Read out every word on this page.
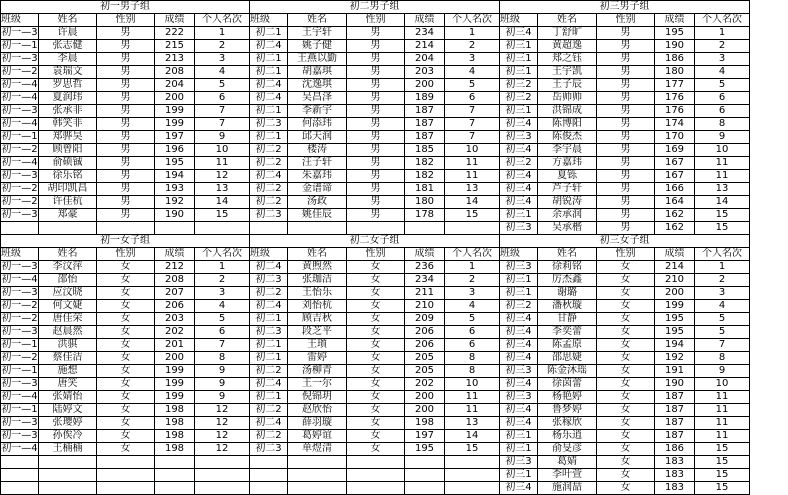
初一男子组					初二男子组					初三男子组				
班级	姓名	性别	成绩	个人名次	班级	姓名	性别	成绩	个人名次	班级	姓名	性别	成绩	个人名次
初一—3	许晨	男	222	1	初二1	王宇轩	男	234	1	初三4	丁舒旷	男	195	1
初一—1	张志健	男	215	2	初二4	姚子健	男	214	2	初三1	黄超逸	男	190	2
初一—3	李晨	男	213	3	初二1	王燕以勤	男	204	3	初三1	郑之钰	男	186	3
初一—2	袁瑞文	男	208	4	初二1	胡嘉琪	男	203	4	初三1	王宇凯	男	180	4
初一—4	罗思哲	男	204	5	初二4	沈逸琪	男	200	5	初三2	王子辰	男	177	5
初一—4	夏润玮	男	200	6	初二4	吴昌泽	男	189	6	初三2	岳帅帅	男	176	6
初一—3	张承非	男	199	7	初二1	李新宇	男	187	7	初三1	洪锦成	男	176	6
初一—4	韩笑非	男	199	7	初二3	何添玮	男	187	7	初三4	陈博阳	男	174	8
初一—1	郑骅昊	男	197	9	初二1	邱天润	男	187	7	初三3	陈俊杰	男	170	9
初一—2	顾曾阳	男	196	10	初二2	楼涛	男	185	10	初三4	李宇晨	男	169	10
初一—4	俞硕铖	男	195	11	初二2	汪子轩	男	182	11	初三2	方嘉玮	男	167	11
初一—3	徐乐铭	男	194	12	初二4	朱嘉玮	男	182	11	初三4	夏铄	男	167	11
初一—2	胡印凯昌	男	193	13	初二2	金谱谛	男	181	13	初三4	芦子轩	男	166	13
初一—2	许佳杭	男	192	14	初二2	汤政	男	180	14	初三4	胡锐涛	男	164	14
初一—3	郑豪	男	190	15	初二3	姚佳辰	男	178	15	初三1	余承润	男	162	15
										初三3	吴承楷	男	162	15
初一女子组					初二女子组					初三女子组				
班级	姓名	性别	成绩	个人名次	班级	姓名	性别	成绩	个人名次	班级	姓名	性别	成绩	个人名次
初一—3	李汶萍	女	212	1	初二4	黄煦然	女	236	1	初三3	徐莉铭	女	214	1
初一—4	邵怡	女	208	2	初二3	张珈洁	女	234	2	初三1	厉杰鑫	女	210	2
初一—3	应汶晓	女	207	3	初二2	王怡乐	女	211	3	初三1	谢璐	女	200	3
初一—2	何文婕	女	206	4	初二4	刘怡杭	女	210	4	初三2	潘秋璇	女	199	4
初一—2	唐佳荣	女	203	5	初二1	顾吉秋	女	209	5	初三4	甘静	女	195	5
初一—3	赵晨然	女	202	6	初二3	段芝平	女	206	6	初三4	李奕蕾	女	195	5
初一—1	洪骐	女	201	7	初二1	王瓆	女	206	6	初三4	陈孟原	女	194	7
初一—2	蔡佳洁	女	200	8	初二1	雷婷	女	205	8	初三4	邵思婕	女	192	8
初一—1	施想	女	199	9	初二2	汤柳青	女	205	8	初三3	陈金沐瑶	女	191	9
初一—3	唐笑	女	199	9	初二4	王一尔	女	202	10	初三4	徐茵蕾	女	190	10
初一—4	张婧怡	女	199	9	初二1	倪锦玥	女	200	11	初三3	杨艳婷	女	187	11
初一—1	陆婷文	女	198	12	初二2	赵欣怡	女	200	11	初三4	鲁梦婷	女	187	11
初一—3	张璎婷	女	198	12	初二4	薛羽璇	女	198	13	初三4	张稼欣	女	187	11
初一—3	孙俟冷	女	198	12	初二2	葛婷谊	女	197	14	初三1	杨乐逍	女	187	11
初一—4	王楠楠	女	198	12	初二3	单煜清	女	195	15	初三1	俞旻彦	女	186	15
										初三3	葛婧	女	183	15
										初三1	李叶萱	女	183	15
										初三4	施润喆	女	183	15
